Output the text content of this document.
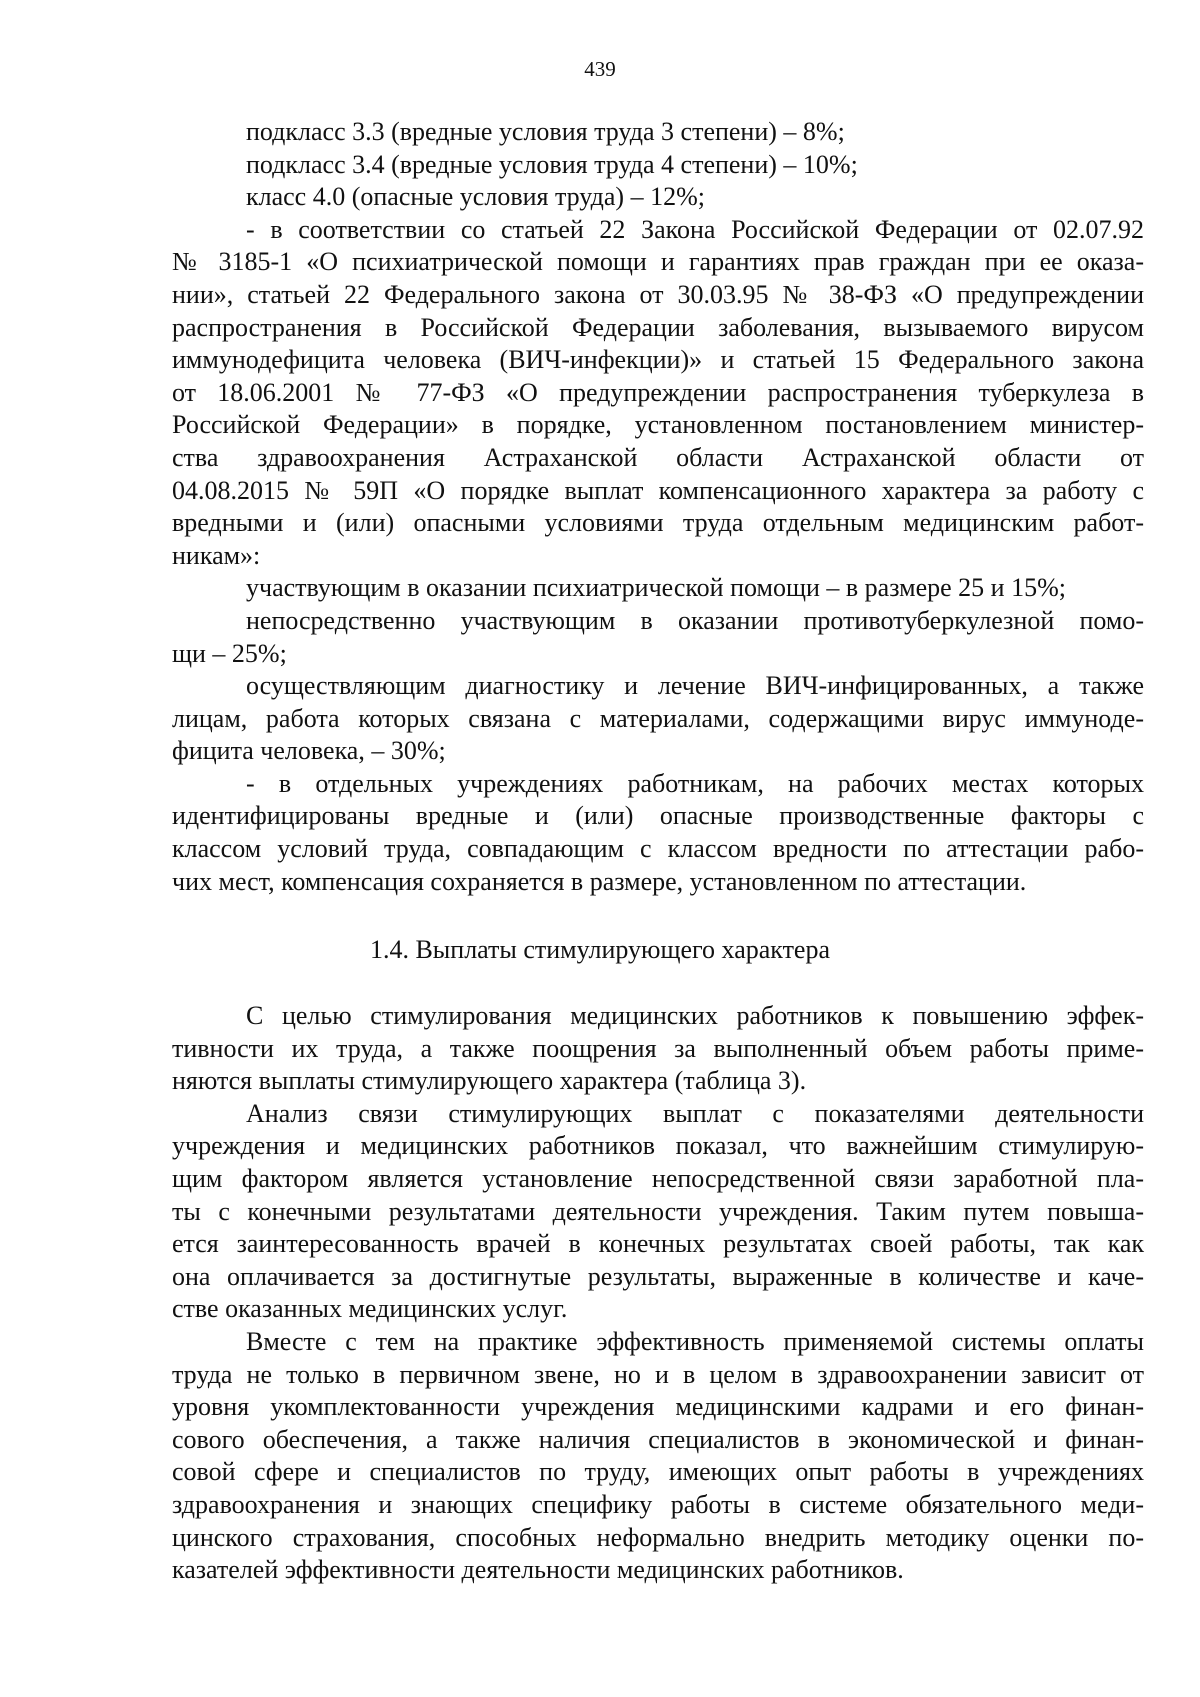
439
подкласс 3.3 (вредные условия труда 3 степени) – 8%;
подкласс 3.4 (вредные условия труда 4 степени) – 10%;
класс 4.0 (опасные условия труда) – 12%;
- в соответствии со статьей 22 Закона Российской Федерации от 02.07.92
№ 3185-1 «О психиатрической помощи и гарантиях прав граждан при ее оказа-
нии», статьей 22 Федерального закона от 30.03.95 № 38-ФЗ «О предупреждении
распространения в Российской Федерации заболевания, вызываемого вирусом
иммунодефицита человека (ВИЧ-инфекции)» и статьей 15 Федерального закона
от 18.06.2001 № 77-ФЗ «О предупреждении распространения туберкулеза в
Российской Федерации» в порядке, установленном постановлением министер-
ства здравоохранения Астраханской области Астраханской области от
04.08.2015 № 59П «О порядке выплат компенсационного характера за работу с
вредными и (или) опасными условиями труда отдельным медицинским работ-
никам»:
участвующим в оказании психиатрической помощи – в размере 25 и 15%;
непосредственно участвующим в оказании противотуберкулезной помо-
щи – 25%;
осуществляющим диагностику и лечение ВИЧ-инфицированных, а также
лицам, работа которых связана с материалами, содержащими вирус иммуноде-
фицита человека, – 30%;
- в отдельных учреждениях работникам, на рабочих местах которых
идентифицированы вредные и (или) опасные производственные факторы с
классом условий труда, совпадающим с классом вредности по аттестации рабо-
чих мест, компенсация сохраняется в размере, установленном по аттестации.
1.4. Выплаты стимулирующего характера
С целью стимулирования медицинских работников к повышению эффек-
тивности их труда, а также поощрения за выполненный объем работы приме-
няются выплаты стимулирующего характера (таблица 3).
Анализ связи стимулирующих выплат с показателями деятельности
учреждения и медицинских работников показал, что важнейшим стимулирую-
щим фактором является установление непосредственной связи заработной пла-
ты с конечными результатами деятельности учреждения. Таким путем повыша-
ется заинтересованность врачей в конечных результатах своей работы, так как
она оплачивается за достигнутые результаты, выраженные в количестве и каче-
стве оказанных медицинских услуг.
Вместе с тем на практике эффективность применяемой системы оплаты
труда не только в первичном звене, но и в целом в здравоохранении зависит от
уровня укомплектованности учреждения медицинскими кадрами и его финан-
сового обеспечения, а также наличия специалистов в экономической и финан-
совой сфере и специалистов по труду, имеющих опыт работы в учреждениях
здравоохранения и знающих специфику работы в системе обязательного меди-
цинского страхования, способных неформально внедрить методику оценки по-
казателей эффективности деятельности медицинских работников.
